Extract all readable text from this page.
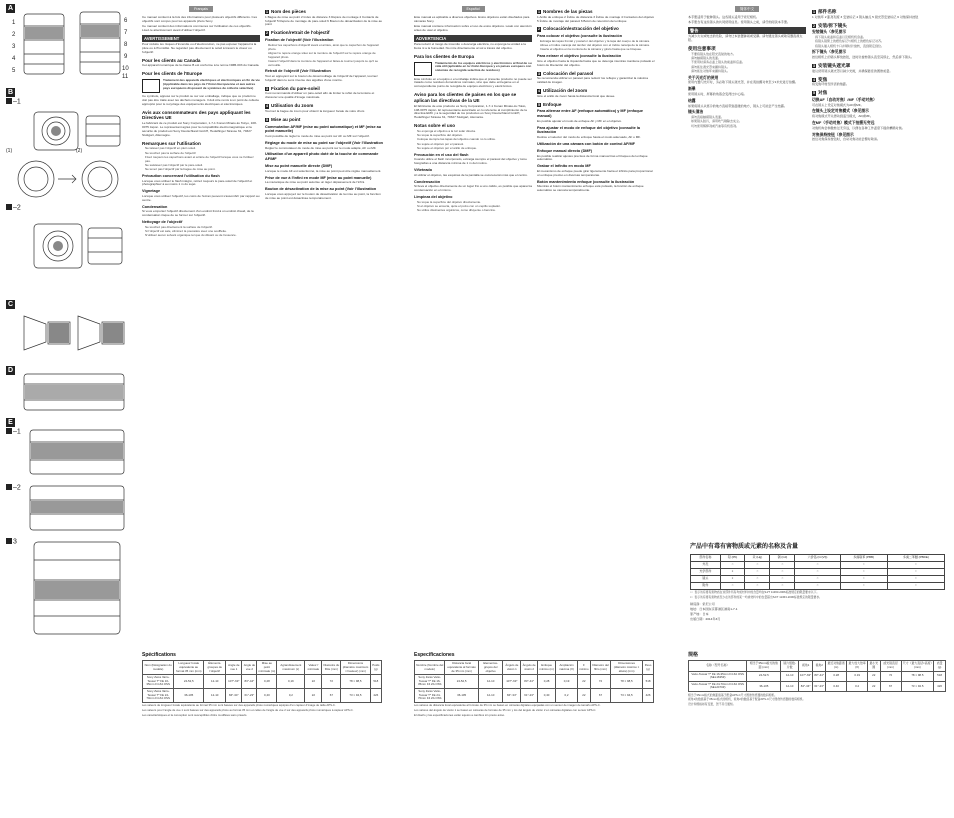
A
1
2
3
4
5
6
7
8
9
10
11
B
–1
(1)	(2)
–2
C
D
E
–1
–2
3
Français

Ce manuel contient à la fois des informations pour plusieurs objectifs différents. Ces objectifs sont conçus pour les appareils photo Sony.

Ce manuel contient des informations communes sur l'utilisation de ces objectifs. Lisez-le attentivement avant d'utiliser l'objectif.

AVERTISSEMENT

Pour réduire les risques d'incendie ou d'électrocution, ne pas exposer l'appareil à la pluie ou à l'humidité. Ne regardez pas directement le soleil à travers le viseur ou l'objectif.

Pour les clients au Canada

Cet appareil numérique de la classe B est conforme à la norme NMB-003 du Canada.

Pour les clients de l'Europe

Traitement des appareils électriques et électroniques en fin de vie (Applicable dans les pays de l'Union Européenne et aux autres pays européens disposant de systèmes de collecte sélective)

Ce symbole, apposé sur le produit ou sur son emballage, indique que ce produit ne doit pas être traité avec les déchets ménagers. Il doit être remis à un point de collecte approprié pour le recyclage des équipements électriques et électroniques.

Avis aux consommateurs des pays appliquant les Directives UE

Le fabricant de ce produit est Sony Corporation, 1-7-1 Konan Minato-ku Tokyo, 108-0075 Japon. Le représentant agréé pour la compatibilité électromagnétique et la sécurité du produit est Sony Deutschland GmbH, Hedelfinger Strasse 61, 70327 Stuttgart, Allemagne.

Remarques sur l'utilisation

Ne laissez pas l'objectif en plein soleil.

Ne touchez pas la surface de l'objectif.

Fixez toujours les capuchons avant et arrière de l'objectif lorsque vous ne l'utilisez pas.

Ne saisissez pas l'objectif par le pare-soleil.

Ne tenez pas l'objectif par la bague de mise au point.

Précaution concernant l'utilisation du flash

Lorsque vous utilisez le flash intégré, retirez toujours le pare-soleil de l'objectif et photographiez à au moins 1 m du sujet.

Vignetage

Lorsque vous utilisez l'objectif, les coins de l'écran peuvent s'assombrir par rapport au centre.

Condensation

Si vous emportez l'objectif directement d'un endroit froid à un endroit chaud, de la condensation risque de se former sur l'objectif.

Nettoyage de l'objectif

Ne touchez pas directement la surface de l'objectif.

Si l'objectif est sale, éliminez la poussière avec une soufflette.

N'utilisez aucun solvant organique tel que du diluant ou de l'essence.

1 Nom des pièces

1 Bague de mise au point 2 Index de distance 3 Repère de montage 4 Contacts de l'objectif 5 Repère de montage du pare-soleil 6 Bouton de désactivation de la mise au point

2 Fixation/retrait de l'objectif
Fixation de l'objectif (Voir l'illustration

Retirez les capuchons d'objectif avant et arrière, ainsi que le capuchon de l'appareil photo.

Alignez le repère orange situé sur la monture de l'objectif sur le repère orange de l'appareil photo.

Insérez l'objectif dans la monture de l'appareil et faites-le tourner jusqu'à ce qu'il se verrouille.

Retrait de l'objectif (Voir l'illustration

Tout en appuyant sur le bouton de déverrouillage de l'objectif de l'appareil, tournez l'objectif dans le sens inverse des aiguilles d'une montre.

3 Fixation du pare-soleil

Il est recommandé d'utiliser un pare-soleil afin de limiter le reflet de la lumière et d'assurer une qualité d'image maximale.

4 Utilisation du zoom

Tournez la bague de zoom pour obtenir la longueur focale de votre choix.

5 Mise au point
Commutation AF/MF (mise au point automatique) et MF (mise au point manuelle)

Il est possible de régler le mode de mise au point sur AF ou MF sur l'objectif.

Réglage du mode de mise au point sur l'objectif (Voir l'illustration

Réglez le commutateur du mode de mise au point sur le mode adapté, AF ou MF.

Utilisation d'un appareil photo doté de la touche de commande AF/MF
Mise au point manuelle directe (DMF)

Lorsque le mode AF est sélectionné, la mise au point peut être réglée manuellement.

Prise de vue à l'infini en mode MF (mise au point manuelle)

La mécanique de mise au point autorise un léger dépassement de l'infini.

Bouton de désactivation de la mise au point (Voir l'illustration

Lorsque vous appuyez sur le bouton de désactivation de la mise au point, la fonction de mise au point est désactivée temporairement.

Español

Este manual es aplicable a diversos objetivos. Estos objetivos están diseñados para cámaras Sony.

Este manual contiene información sobre el uso de estos objetivos. Léalo con atención antes de usar el objetivo.

ADVERTENCIA

Para reducir el riesgo de incendio o descarga eléctrica, no exponga la unidad a la lluvia ni a la humedad. No mire directamente al sol a través del objetivo.

Para los clientes de Europa

Tratamiento de los equipos eléctricos y electrónicos al final de su vida útil (aplicable en la Unión Europea y en países europeos con sistemas de recogida selectiva de residuos)

Este símbolo en el equipo o el embalaje indica que el presente producto no puede ser tratado como residuos domésticos normales, sino que debe entregarse en el correspondiente punto de recogida de equipos eléctricos y electrónicos.

Aviso para los clientes de países en los que se aplican las directivas de la UE

El fabricante de este producto es Sony Corporation, 1-7-1 Konan Minato-ku Tokio, 108-0075 Japón. El representante autorizado en lo referente al cumplimiento de la directiva EMC y a la seguridad de los productos es Sony Deutschland GmbH, Hedelfinger Strasse 61, 70327 Stuttgart, Alemania.

Notas sobre el uso

No exponga el objetivo a la luz solar directa.

No toque la superficie del objetivo.

Coloque siempre las tapas del objetivo cuando no lo utilice.

No sujete el objetivo por el parasol.

No sujete el objetivo por el anillo de enfoque.

Precaución en el uso del flash

Cuando utilice el flash incorporado, extraiga siempre el parasol del objetivo y tome fotografías a una distancia mínima de 1 m del motivo.

Viñeteado

Al utilizar el objetivo, las esquinas de la pantalla se oscurecerán más que el centro.

Condensación

Si lleva el objetivo directamente de un lugar frío a uno cálido, es posible que aparezca condensación en el mismo.

Limpieza del objetivo

No toque la superficie del objetivo directamente.

Si el objetivo se ensucia, quite el polvo con un cepillo soplador.

No utilice disolventes orgánicos, como diluyente o bencina.

1 Nombres de las piezas

1 Anillo de enfoque 2 Índice de distancia 3 Índice de montaje 4 Contactos del objetivo 5 Índice de montaje del parasol 6 Botón de retención del enfoque

2 Colocación/extracción del objetivo
Para colocar el objetivo (consulte la ilustración

Extraiga las tapas frontal y posterior del objetivo y la tapa del cuerpo de la cámara.

Alinee el índice naranja del tambor del objetivo con el índice naranja de la cámara.

Inserte el objetivo en la montura de la cámara y gírelo hasta que se bloquee.

Para extraer el objetivo (consulte la ilustración

Gire el objetivo hacia la izquierda hasta que se detenga mientras mantiene pulsado el botón de liberación del objetivo.

3 Colocación del parasol

Se recomienda utilizar un parasol para reducir los reflejos y garantizar la máxima calidad de imagen.

4 Utilización del zoom

Gire el anillo de zoom hasta la distancia focal que desee.

5 Enfoque
Para alternar entre AF (enfoque automático) y MF (enfoque manual)

Es posible ajustar el modo de enfoque AF y MF en el objetivo.

Para ajustar el modo de enfoque del objetivo (consulte la ilustración

Deslice el selector del modo de enfoque hasta el modo adecuado, AF o MF.

Utilización de una cámara con botón de control AF/MF
Enfoque manual directo (DMF)

Es posible realizar ajustes precisos de forma manual tras el bloqueo del enfoque automático.

Grabar el infinito en modo MF

El mecanismo de enfoque puede girar ligeramente hacia el infinito para proporcionar un enfoque preciso en diversas temperaturas.

Botón mantenimiento enfoque (consulte la ilustración

Mientras el botón mantenimiento enfoque esté pulsado, la función de enfoque automático se cancela temporalmente.

简体中文

本手册适用于数种镜头。这些镜头适用于索尼相机。

本手册含有这些镜头的共同使用信息。使用镜头之前，请仔细阅读本手册。

警告

为减少火灾或电击的危险，请勿让本装置淋雨或受潮。请勿通过镜头或取景器直视太阳。

使用注意事项

不要将镜头放在阳光直射的地方。

请勿触摸镜头的表面。

不使用时请务必盖上镜头的前盖和后盖。

请勿抓住遮光罩来握持镜头。

请勿抓住对焦环来握持镜头。

关于闪光灯的使用

使用内置闪光灯时，务必取下镜头遮光罩，并在离拍摄对象至少1米处进行拍摄。

渐晕

使用镜头时，屏幕的角落会变得比中心暗。

结露

如果将镜头从寒冷的地方直接带到温暖的地方，镜头上可能会产生结露。

镜头清洁

请勿直接触摸镜头表面。

如果镜头脏污，请用吹气刷除去灰尘。

切勿使用稀释剂或汽油等有机溶剂。

1 部件名称

1 对焦环 2 距离刻度 3 安装标记 4 镜头触点 5 遮光罩安装标记 6 对焦保持按钮

2 安装/拆下镜头
安装镜头（参见图示

拆下镜头前盖和后盖以及相机机身盖。

将镜头镜筒上的橙色标记与相机上的橙色标记对齐。

将镜头插入相机卡口并顺时针旋转，直到锁定到位。

拆下镜头（参见图示

按住相机上的镜头释放按钮，逆时针旋转镜头直至其停止，然后拆下镜头。

3 安装镜头遮光罩

建议使用镜头遮光罩以减少光斑，并确保最佳的图像质量。

4 变焦

将变焦环转至所需的焦距。

5 对焦
切换AF（自动对焦）/MF（手动对焦）

可在镜头上设定对焦模式为AF或MF。

在镜头上设定对焦模式（参见图示

将对焦模式开关滑动到适当模式，AF或MF。

在MF（手动对焦）模式下拍摄无穷远

对焦机构会稍微转过无穷远，以便在各种工作温度下提供精确对焦。

对焦保持按钮（参见图示

按住对焦保持按钮时，自动对焦功能会暂时取消。

产品中有毒有害物质或元素的名称及含量
部件名称	铅 (Pb)	汞 (Hg)	镉 (Cd)	六价铬 (Cr(VI))	多溴联苯 (PBB)	多溴二苯醚 (PBDE)
外壳	○	○	○	○	○	○
光学部件	×	○	○	○	○	○
镜头	×	○	○	○	○	○
附件	○	○	○	○	○	○

○：表示该有毒有害物质在该部件所有均质材料中的含量均在SJ/T 11363-2006标准规定的限量要求以下。

×：表示该有毒有害物质至少在该部件的某一均质材料中的含量超出SJ/T 11363-2006标准规定的限量要求。

制造商：索尼公司

地址：日本国东京都港区港南1-7-1

原产地：日本

出版日期：2014年3月

Spécifications
Nom (Désignation du modèle)	Longueur focale équivalente au format 35 mm (mm)	Éléments-groupes de l'objectif	Angle de vue 1	Angle de vue 2	Mise au point minimale (m)	Agrandissement maximum (x)	Valeur f minimale	Diamètre du filtre (mm)	Dimensions (diamètre maximum × hauteur) (mm)	Poids (g)
Sony Zeiss Vario-Tessar T* FE 16-35mm F4 ZA OSS	24-52,5	12-10	107°-63°	83°-44°	0,28	0,19	22	72	78 × 98,5	518
Sony Zeiss Vario-Tessar T* FE 24-70mm F4 ZA OSS	36-105	12-10	84°-34°	61°-23°	0,40	0,2	22	67	73 × 94,5	426

Les valeurs de longueur focale équivalente au format 35 mm sont basées sur des appareils photo numériques équipés d'un capteur d'image de taille APS-C.

Les valeurs pour l'angle de vue 1 sont basées sur des appareils photo au format 35 mm et celles de l'angle de vue 2 sur des appareils photo numériques à capteur APS-C.

Les caractéristiques et la conception sont susceptibles d'être modifiées sans préavis.

Especificaciones
Nombre (Nombre del modelo)	Distancia focal equivalente al formato de 35 mm (mm)	Elementos-grupos del objetivo	Ángulo de visión 1	Ángulo de visión 2	Enfoque mínimo (m)	Ampliación máxima (X)	F mínimo	Diámetro del filtro (mm)	Dimensiones (diámetro máximo × altura) (mm)	Peso (g)
Sony Zeiss Vario-Tessar T* FE 16-35mm F4 ZA OSS	24-52,5	12-10	107°-63°	83°-44°	0,28	0,19	22	72	78 × 98,5	518
Sony Zeiss Vario-Tessar T* FE 24-70mm F4 ZA OSS	36-105	12-10	84°-34°	61°-23°	0,40	0,2	22	67	73 × 94,5	426

Los valores de distancia focal equivalente al formato de 35 mm se basan en cámaras digitales equipadas con un sensor de imagen de tamaño APS-C.

Los valores del ángulo de visión 1 se basan en cámaras de formato de 35 mm y los del ángulo de visión 2 en cámaras digitales con sensor APS-C.

El diseño y las especificaciones están sujetos a cambios sin previo aviso.

规格
名称（型号名称）	相当于35mm格式的焦距 (mm)	镜片组数-片数	视角1	视角2	最近对焦距离 (m)	最大放大倍率 (X)	最小光圈	滤光镜直径 (mm)	尺寸（最大直径×高度）(mm)	质量 (g)
Vario-Tessar T* FE 16-35mm F4 ZA OSS (SEL1635Z)	24-52.5	12-10	107°-63°	83°-44°	0.28	0.19	22	72	78 × 98.5	518
Vario-Tessar T* FE 24-70mm F4 ZA OSS (SEL2470Z)	36-105	12-10	84°-34°	61°-23°	0.40	0.2	22	67	73 × 94.5	426

相当于35mm格式的焦距值基于配备APS-C尺寸图像传感器的数码相机。

视角1的数值基于35mm格式的相机，视角2的数值基于配备APS-C尺寸图像传感器的数码相机。

设计和规格如有变更，恕不另行通知。
